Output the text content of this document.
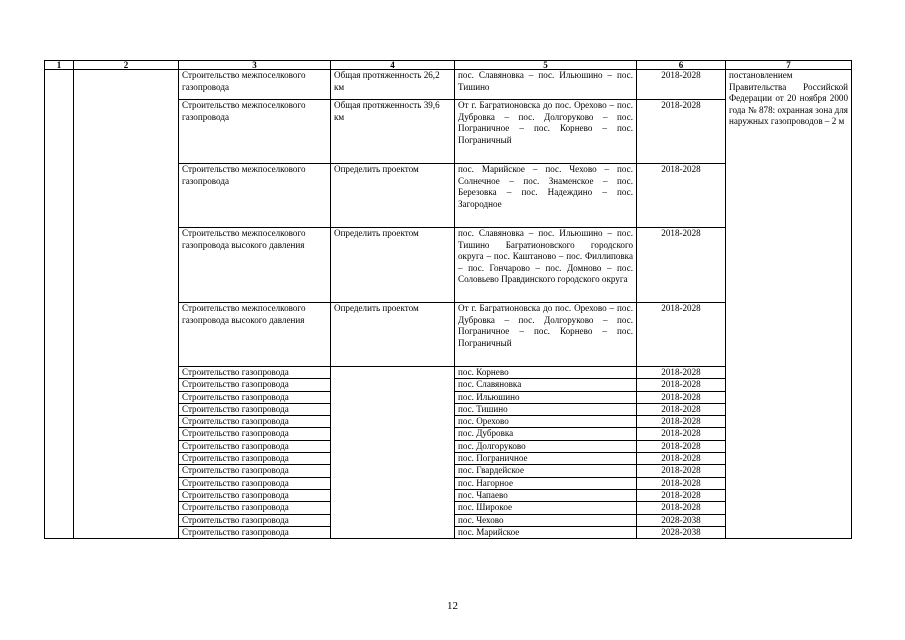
1	2	3	4	5	6	7
		Строительство межпоселкового газопровода	Общая протяженность 26,2 км	пос. Славяновка – пос. Ильюшино – пос. Тишино	2018-2028	постановлением Правительства Российской Федерации от 20 ноября 2000 года № 878: охранная зона для наружных газопроводов – 2 м
		Строительство межпоселкового газопровода	Общая протяженность 39,6 км	От г. Багратионовска до пос. Орехово – пос. Дубровка – пос. Долгоруково – пос. Пограничное – пос. Корнево – пос. Пограничный	2018-2028	
		Строительство межпоселкового газопровода	Определить проектом	пос. Марийское – пос. Чехово – пос. Солнечное – пос. Знаменское – пос. Березовка – пос. Надеждино – пос. Загородное	2018-2028	
		Строительство межпоселкового газопровода высокого давления	Определить проектом	пос. Славяновка – пос. Ильюшино – пос. Тишино Багратионовского городского округа – пос. Каштаново – пос. Филлиповка – пос. Гончарово – пос. Домново – пос. Соловьево Правдинского городского округа	2018-2028	
		Строительство межпоселкового газопровода высокого давления	Определить проектом	От г. Багратионовска до пос. Орехово – пос. Дубровка – пос. Долгоруково – пос. Пограничное – пос. Корнево – пос. Пограничный	2018-2028	
		Строительство газопровода		пос. Корнево	2018-2028	
		Строительство газопровода		пос. Славяновка	2018-2028	
		Строительство газопровода		пос. Ильюшино	2018-2028	
		Строительство газопровода		пос. Тишино	2018-2028	
		Строительство газопровода		пос. Орехово	2018-2028	
		Строительство газопровода		пос. Дубровка	2018-2028	
		Строительство газопровода		пос. Долгоруково	2018-2028	
		Строительство газопровода		пос. Пограничное	2018-2028	
		Строительство газопровода		пос. Гвардейское	2018-2028	
		Строительство газопровода		пос. Нагорное	2018-2028	
		Строительство газопровода		пос. Чапаево	2018-2028	
		Строительство газопровода		пос. Широкое	2018-2028	
		Строительство газопровода		пос. Чехово	2028-2038	
		Строительство газопровода		пос. Марийское	2028-2038	
12
